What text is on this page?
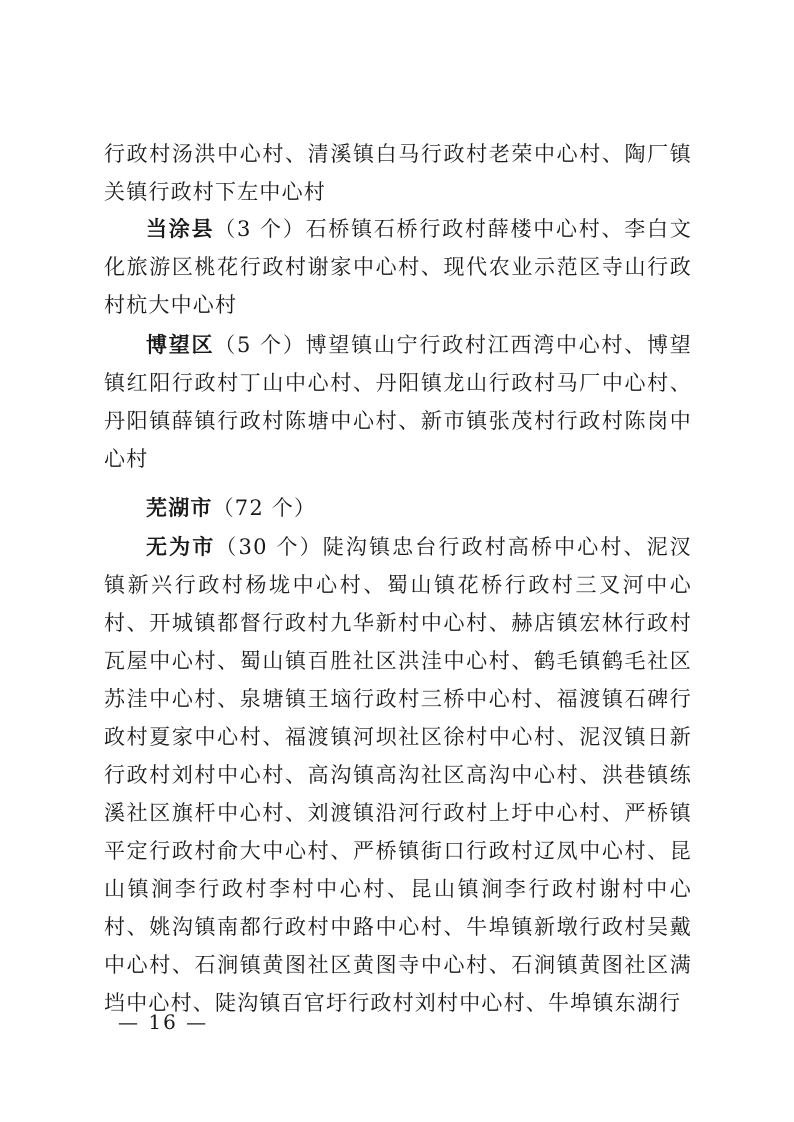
行政村汤洪中心村、清溪镇白马行政村老荣中心村、陶厂镇关镇行政村下左中心村
当涂县（3 个）石桥镇石桥行政村薛楼中心村、李白文化旅游区桃花行政村谢家中心村、现代农业示范区寺山行政村杭大中心村
博望区（5 个）博望镇山宁行政村江西湾中心村、博望镇红阳行政村丁山中心村、丹阳镇龙山行政村马厂中心村、丹阳镇薛镇行政村陈塘中心村、新市镇张茂村行政村陈岗中心村
芜湖市（72 个）
无为市（30 个）陡沟镇忠台行政村高桥中心村、泥汊镇新兴行政村杨垅中心村、蜀山镇花桥行政村三叉河中心村、开城镇都督行政村九华新村中心村、赫店镇宏林行政村瓦屋中心村、蜀山镇百胜社区洪洼中心村、鹤毛镇鹤毛社区苏洼中心村、泉塘镇王垴行政村三桥中心村、福渡镇石碑行政村夏家中心村、福渡镇河坝社区徐村中心村、泥汊镇日新行政村刘村中心村、高沟镇高沟社区高沟中心村、洪巷镇练溪社区旗杆中心村、刘渡镇沿河行政村上圩中心村、严桥镇平定行政村俞大中心村、严桥镇街口行政村辽凤中心村、昆山镇涧李行政村李村中心村、昆山镇涧李行政村谢村中心村、姚沟镇南都行政村中路中心村、牛埠镇新墩行政村吴戴中心村、石涧镇黄图社区黄图寺中心村、石涧镇黄图社区满垱中心村、陡沟镇百官圩行政村刘村中心村、牛埠镇东湖行
— 16 —
